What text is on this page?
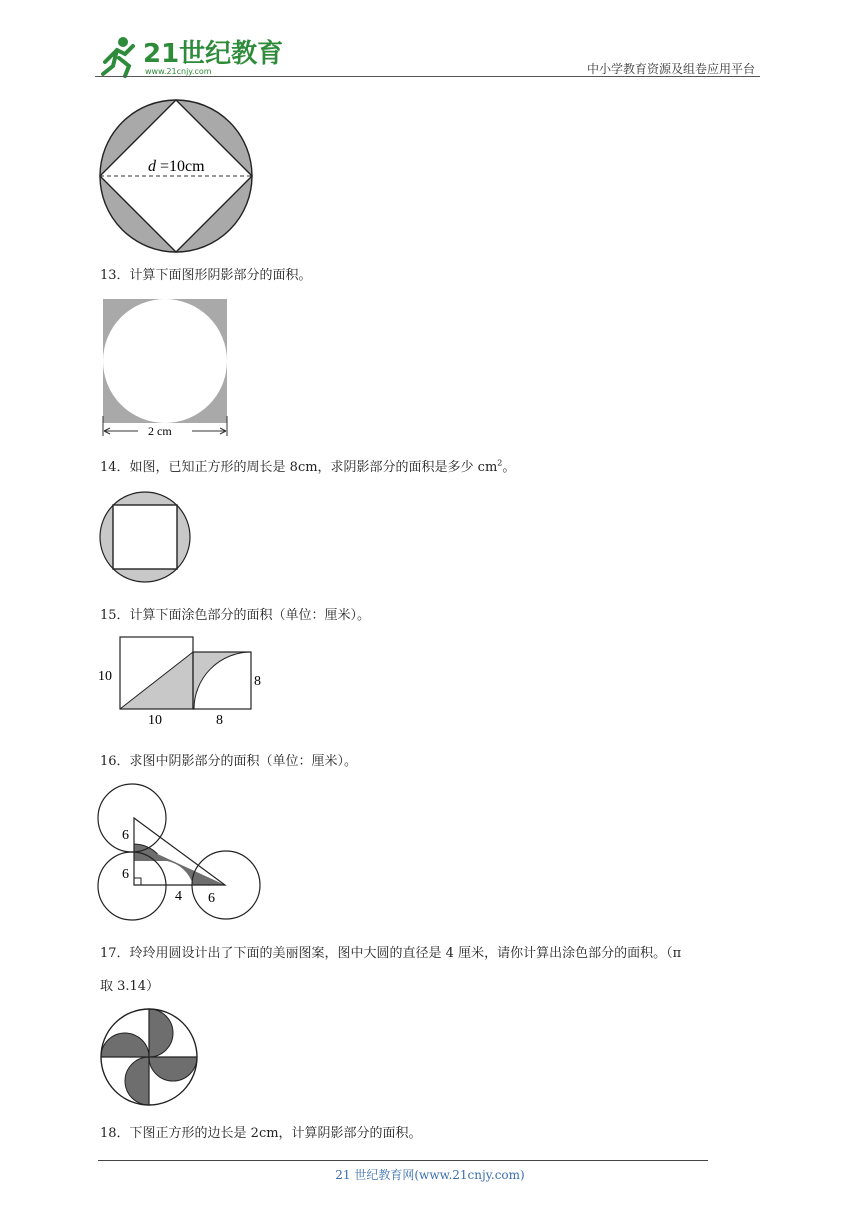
21世纪教育
www.21cnjy.com	中小学教育资源及组卷应用平台
d =10cm
13．计算下面图形阴影部分的面积。
2 cm
14．如图，已知正方形的周长是 8cm，求阴影部分的面积是多少 $cm^2$。
15．计算下面涂色部分的面积（单位：厘米）。
10
10	8
8
16．求图中阴影部分的面积（单位：厘米）。
6
6
4 6
17．玲玲用圆设计出了下面的美丽图案，图中大圆的直径是 4 厘米，请你计算出涂色部分的面积。（π
取 3.14）
18．下图正方形的边长是 2cm，计算阴影部分的面积。
21 世纪教育网(www.21cnjy.com)
